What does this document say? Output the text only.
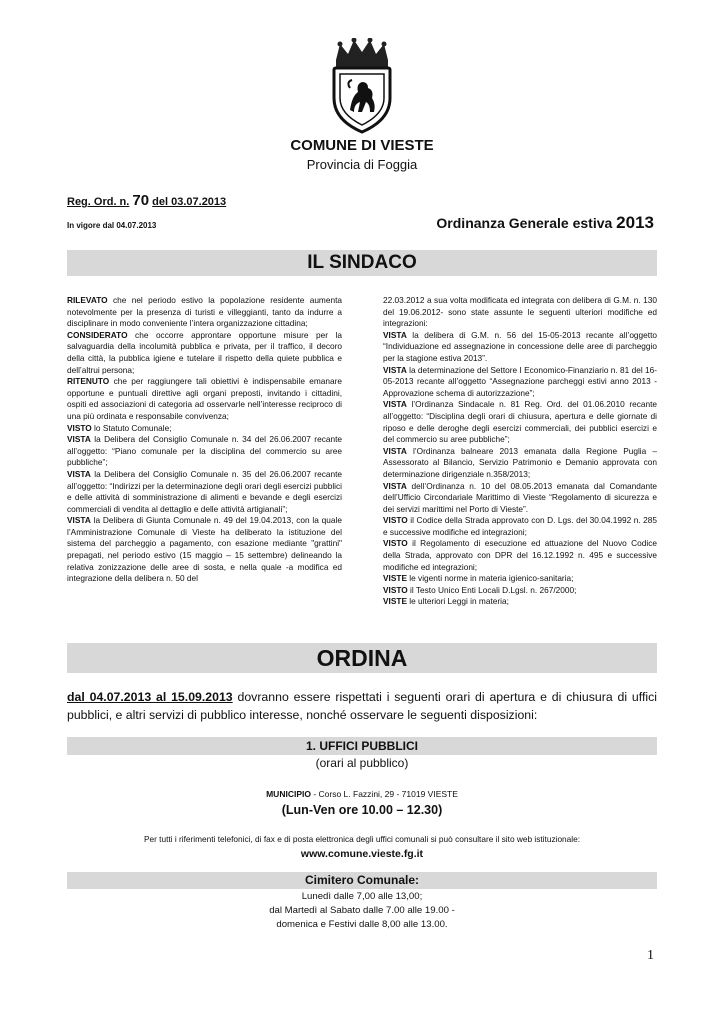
COMUNE DI VIESTE
Provincia di Foggia
Reg. Ord. n. 70 del 03.07.2013
In vigore dal 04.07.2013	Ordinanza Generale estiva 2013
IL SINDACO

RILEVATO che nel periodo estivo la popolazione residente aumenta notevolmente per la presenza di turisti e villeggianti, tanto da indurre a disciplinare in modo conveniente l’intera organizzazione cittadina;

CONSIDERATO che occorre approntare opportune misure per la salvaguardia della incolumità pubblica e privata, per il traffico, il decoro della città, la pubblica igiene e tutelare il rispetto della quiete pubblica e dell’altrui persona;

RITENUTO che per raggiungere tali obiettivi è indispensabile emanare opportune e puntuali direttive agli organi preposti, invitando i cittadini, ospiti ed associazioni di categoria ad osservarle nell’interesse reciproco di una più ordinata e responsabile convivenza;

VISTO lo Statuto Comunale;

VISTA la Delibera del Consiglio Comunale n. 34 del 26.06.2007 recante all’oggetto: “Piano comunale per la disciplina del commercio su aree pubbliche”;

VISTA la Delibera del Consiglio Comunale n. 35 del 26.06.2007 recante all’oggetto: “Indirizzi per la determinazione degli orari degli esercizi pubblici e delle attività di somministrazione di alimenti e bevande e degli esercizi commerciali di vendita al dettaglio e delle attività artigianali”;

VISTA la Delibera di Giunta Comunale n. 49 del 19.04.2013, con la quale l’Amministrazione Comunale di Vieste ha deliberato la istituzione del sistema del parcheggio a pagamento, con esazione mediante "grattini" prepagati, nel periodo estivo (15 maggio – 15 settembre) delineando la relativa zonizzazione delle aree di sosta, e nella quale -a modifica ed integrazione della delibera n. 50 del

22.03.2012 a sua volta modificata ed integrata con delibera di G.M. n. 130 del 19.06.2012- sono state assunte le seguenti ulteriori modifiche ed integrazioni:

VISTA la delibera di G.M. n. 56 del 15-05-2013 recante all’oggetto “Individuazione ed assegnazione in concessione delle aree di parcheggio per la stagione estiva 2013”.

VISTA la determinazione del Settore I Economico-Finanziario n. 81 del 16-05-2013 recante all’oggetto “Assegnazione parcheggi estivi anno 2013 - Approvazione schema di autorizzazione”;

VISTA l’Ordinanza Sindacale n. 81 Reg. Ord. del 01.06.2010 recante all’oggetto: “Disciplina degli orari di chiusura, apertura e delle giornate di riposo e delle deroghe degli esercizi commerciali, dei pubblici esercizi e del commercio su aree pubbliche”;

VISTA l’Ordinanza balneare 2013 emanata dalla Regione Puglia – Assessorato al Bilancio, Servizio Patrimonio e Demanio approvata con determinazione dirigenziale n.358/2013;

VISTA dell’Ordinanza n. 10 del 08.05.2013 emanata dal Comandante dell’Ufficio Circondariale Marittimo di Vieste “Regolamento di sicurezza e dei servizi marittimi nel Porto di Vieste”.

VISTO il Codice della Strada approvato con D. Lgs. del 30.04.1992 n. 285 e successive modifiche ed integrazioni;

VISTO il Regolamento di esecuzione ed attuazione del Nuovo Codice della Strada, approvato con DPR del 16.12.1992 n. 495 e successive modifiche ed integrazioni;

VISTE le vigenti norme in materia igienico-sanitaria;

VISTO il Testo Unico Enti Locali D.Lgsl. n. 267/2000;

VISTE le ulteriori Leggi in materia;

ORDINA
dal 04.07.2013 al 15.09.2013 dovranno essere rispettati i seguenti orari di apertura e di chiusura di uffici pubblici, e altri servizi di pubblico interesse, nonché osservare le seguenti disposizioni:
1. UFFICI PUBBLICI
(orari al pubblico)
MUNICIPIO - Corso L. Fazzini, 29 - 71019 VIESTE
(Lun-Ven ore 10.00 – 12.30)
Per tutti i riferimenti telefonici, di fax e di posta elettronica degli uffici comunali si può consultare il sito web istituzionale:
www.comune.vieste.fg.it
Cimitero Comunale:
Lunedì dalle 7,00 alle 13,00;
dal Martedì al Sabato dalle 7.00 alle 19.00 -
domenica e Festivi dalle 8,00 alle 13.00.
1
